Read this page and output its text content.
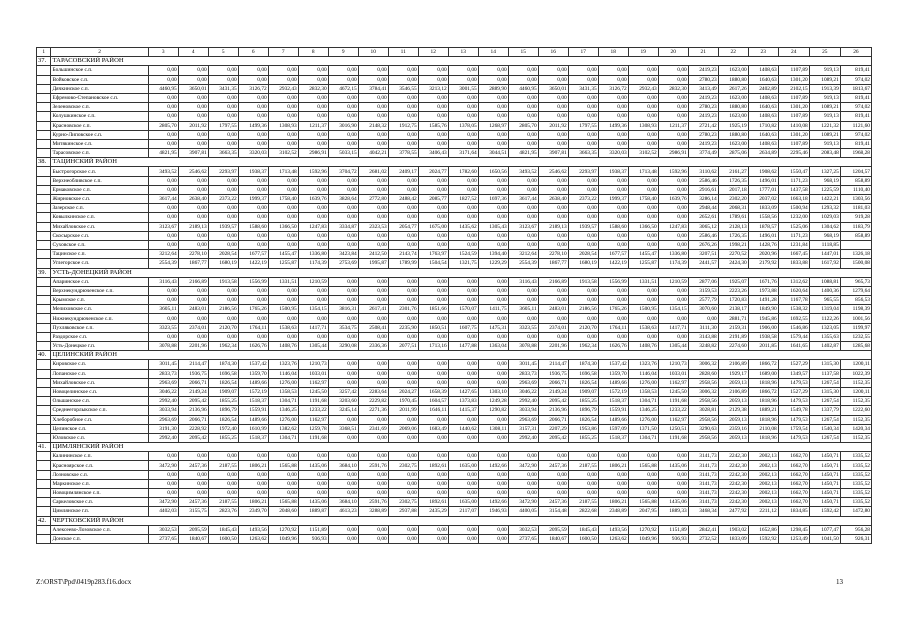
1	2	3	4	5	6	7	8	9	10	11	12	13	14	15	16	17	18	19	20	21	22	23	24	25	26
37.	ТАРАСОВСКИЙ РАЙОН																								
	Большинское с.п.	0,00	0,00	0,00	0,00	0,00	0,00	0,00	0,00	0,00	0,00	0,00	0,00	0,00	0,00	0,00	0,00	0,00	0,00	2419,23	1623,00	1408,63	1107,89	919,13	819,41
	Войковское с.п.	0,00	0,00	0,00	0,00	0,00	0,00	0,00	0,00	0,00	0,00	0,00	0,00	0,00	0,00	0,00	0,00	0,00	0,00	2780,23	1880,80	1640,63	1301,20	1089,21	974,02
	Дячкинское с.п.	4460,95	3650,01	3431,35	3126,72	2932,43	2832,30	4672,15	3784,41	3546,55	3213,12	3001,55	2889,90	4460,95	3650,01	3431,35	3126,72	2932,43	2832,30	3413,49	2617,26	2402,89	2102,15	1913,39	1813,67
	Ефремово-Степановское с.п.	0,00	0,00	0,00	0,00	0,00	0,00	0,00	0,00	0,00	0,00	0,00	0,00	0,00	0,00	0,00	0,00	0,00	0,00	2419,23	1623,00	1408,63	1107,89	919,13	819,41
	Зеленовское с.п.	0,00	0,00	0,00	0,00	0,00	0,00	0,00	0,00	0,00	0,00	0,00	0,00	0,00	0,00	0,00	0,00	0,00	0,00	2780,23	1880,80	1640,63	1301,20	1089,21	974,02
	Колушкинское с.п.	0,00	0,00	0,00	0,00	0,00	0,00	0,00	0,00	0,00	0,00	0,00	0,00	0,00	0,00	0,00	0,00	0,00	0,00	2419,23	1623,00	1408,63	1107,89	919,13	819,41
	Красновское с.п.	2805,70	2011,92	1797,55	1499,36	1308,93	1211,37	3016,90	2148,32	1912,75	1585,76	1378,05	1268,97	2805,70	2011,92	1797,55	1499,36	1308,93	1211,37	2721,42	1925,19	1710,82	1410,08	1221,32	1121,60
	Курно-Липовское с.п.	0,00	0,00	0,00	0,00	0,00	0,00	0,00	0,00	0,00	0,00	0,00	0,00	0,00	0,00	0,00	0,00	0,00	0,00	2780,23	1880,80	1640,63	1301,20	1089,21	974,02
	Митякинское с.п.	0,00	0,00	0,00	0,00	0,00	0,00	0,00	0,00	0,00	0,00	0,00	0,00	0,00	0,00	0,00	0,00	0,00	0,00	2419,23	1623,00	1408,63	1107,89	919,13	819,41
	Тарасовское с.п.	4821,95	3907,81	3663,35	3320,03	3102,52	2986,91	5033,15	4042,21	3778,55	3406,43	3171,64	3044,51	4821,95	3907,81	3663,35	3320,03	3102,52	2986,91	3774,49	2875,06	2634,89	2295,46	2083,48	1968,28
38.	ТАЦИНСКИЙ РАЙОН																								
	Быстрогорское с.п.	3493,52	2546,62	2293,97	1938,37	1713,48	1592,96	3704,72	2681,02	2409,17	2024,77	1782,60	1650,56	3493,52	2546,62	2293,97	1938,37	1713,48	1592,96	3110,62	2161,27	1908,62	1550,47	1327,25	1204,57
	Верхнеобливское с.п.	0,00	0,00	0,00	0,00	0,00	0,00	0,00	0,00	0,00	0,00	0,00	0,00	0,00	0,00	0,00	0,00	0,00	0,00	2586,46	1726,35	1496,01	1171,23	968,19	858,89
	Ермаковское с.п.	0,00	0,00	0,00	0,00	0,00	0,00	0,00	0,00	0,00	0,00	0,00	0,00	0,00	0,00	0,00	0,00	0,00	0,00	2916,61	2017,18	1777,01	1437,58	1225,59	1110,40
	Жирновское с.п.	3617,44	2638,40	2373,22	1999,37	1758,40	1639,76	3828,64	2772,80	2488,42	2085,77	1827,52	1697,36	3617,44	2638,40	2373,22	1999,37	1758,40	1639,76	3286,14	2302,20	2037,02	1663,18	1422,21	1303,56
	Зазерское с.п.	0,00	0,00	0,00	0,00	0,00	0,00	0,00	0,00	0,00	0,00	0,00	0,00	0,00	0,00	0,00	0,00	0,00	0,00	2948,44	2068,31	1833,09	1500,94	1293,32	1181,03
	Ковылкинское с.п.	0,00	0,00	0,00	0,00	0,00	0,00	0,00	0,00	0,00	0,00	0,00	0,00	0,00	0,00	0,00	0,00	0,00	0,00	2652,61	1789,61	1558,56	1232,00	1029,03	919,28
	Михайловское с.п.	3123,67	2189,13	1939,57	1588,60	1366,50	1247,83	3334,87	2323,53	2054,77	1675,00	1435,62	1305,43	3123,67	2189,13	1939,57	1588,60	1366,50	1247,83	3065,12	2128,13	1878,57	1525,06	1304,62	1183,79
	Скосырское с.п.	0,00	0,00	0,00	0,00	0,00	0,00	0,00	0,00	0,00	0,00	0,00	0,00	0,00	0,00	0,00	0,00	0,00	0,00	2586,46	1726,35	1496,01	1171,23	968,19	858,89
	Суховское с.п.	0,00	0,00	0,00	0,00	0,00	0,00	0,00	0,00	0,00	0,00	0,00	0,00	0,00	0,00	0,00	0,00	0,00	0,00	2676,26	1998,21	1428,76	1231,84	1118,85	
	Тацинское с.п.	3212,64	2278,10	2028,54	1677,57	1455,47	1336,80	3423,84	2412,50	2143,74	1763,97	1524,59	1394,40	3212,64	2278,10	2028,54	1677,57	1455,47	1336,80	3207,51	2270,52	2020,96	1667,45	1447,01	1326,18
	Углегорское с.п.	2554,39	1867,77	1680,19	1422,19	1255,87	1174,39	2753,69	1995,87	1789,99	1504,54	1321,75	1229,29	2554,39	1867,77	1680,19	1422,19	1255,87	1174,39	2441,57	2424,30	2179,92	1833,88	1617,92	1500,08
39.	УСТЬ-ДОНЕЦКИЙ РАЙОН																								
	Апаринское с.п.	3116,43	2166,89	1913,58	1556,99	1331,51	1210,59	0,00	0,00	0,00	0,00	0,00	0,00	3116,43	2166,89	1913,58	1556,99	1331,51	1210,59	2877,06	1925,07	1671,76	1312,62	1088,81	965,73
	Верхнекундрюченское с.п.	0,00	0,00	0,00	0,00	0,00	0,00	0,00	0,00	0,00	0,00	0,00	0,00	0,00	0,00	0,00	0,00	0,00	0,00	3159,53	2223,26	1973,88	1620,64	1400,36	1279,64
	Крымское с.п.	0,00	0,00	0,00	0,00	0,00	0,00	0,00	0,00	0,00	0,00	0,00	0,00	0,00	0,00	0,00	0,00	0,00	0,00	2577,79	1720,83	1491,28	1167,78	965,55	856,53
	Мелиховское с.п.	3605,11	2483,01	2186,56	1765,26	1500,95	1354,15	3816,31	2617,41	2301,76	1851,66	1570,07	1411,75	3605,11	2483,01	2186,56	1765,26	1500,95	1354,15	3070,60	2138,17	1849,90	1538,32	1319,04	1198,39
	Нижнекундрюченское с.п.	0,00	0,00	0,00	0,00	0,00	0,00	0,00	0,00	0,00	0,00	0,00	0,00	0,00	0,00	0,00	0,00	0,00	0,00	0,00	2881,71	1945,86	1692,55	1122,26	1001,56
	Пухляковское с.п.	3323,55	2374,01	2120,70	1764,11	1538,63	1417,71	3534,75	2508,41	2235,90	1850,51	1607,75	1475,31	3323,55	2374,01	2120,70	1764,11	1538,63	1417,71	3111,30	2159,31	1906,00	1546,86	1323,05	1199,97
	Раздорское с.п.	0,00	0,00	0,00	0,00	0,00	0,00	0,00	0,00	0,00	0,00	0,00	0,00	0,00	0,00	0,00	0,00	0,00	0,00	3143,88	2191,89	1938,58	1579,44	1355,63	1232,55
	Усть-Донецкое г.п.	3078,88	2201,96	1962,34	1626,76	1408,76	1305,44	3290,08	2336,36	2077,51	1713,16	1477,88	1363,04	3078,88	2201,96	1962,34	1626,76	1408,76	1305,44	3248,82	2274,60	2011,85	1641,65	1402,87	1285,68
40.	ЦЕЛИНСКИЙ РАЙОН																								
	Кировское с.п.	3011,45	2114,47	1874,30	1537,42	1323,76	1210,73	0,00	0,00	0,00	0,00	0,00	0,00	3011,45	2114,47	1874,30	1537,42	1323,76	1210,73	3006,32	2106,89	1866,72	1527,29	1315,30	1200,11
	Лопанское с.п.	2833,73	1936,75	1696,58	1359,70	1146,04	1033,01	0,00	0,00	0,00	0,00	0,00	0,00	2833,73	1936,75	1696,58	1359,70	1146,04	1033,01	2828,60	1929,17	1689,00	1349,57	1137,58	1022,39
	Михайловское с.п.	2963,69	2066,71	1826,54	1489,66	1276,00	1162,97	0,00	0,00	0,00	0,00	0,00	0,00	2963,69	2066,71	1826,54	1489,66	1276,00	1162,97	2958,56	2059,13	1818,96	1479,53	1267,54	1152,35
	Новоцелинское с.п.	3046,22	2149,24	1909,07	1572,19	1358,53	1245,50	3257,42	2283,64	2024,27	1658,39	1427,65	1303,10	3046,22	2149,24	1909,07	1572,19	1358,53	1245,50	3006,32	2106,89	1866,72	1527,29	1315,30	1200,11
	Ольшанское с.п.	2992,40	2095,42	1855,25	1518,37	1304,71	1191,68	3203,60	2229,82	1970,45	1604,57	1373,83	1249,28	2992,40	2095,42	1855,25	1518,37	1304,71	1191,68	2958,56	2059,13	1818,96	1479,53	1267,54	1152,35
	Среднеегорлыкское с.п.	3033,94	2136,96	1896,79	1559,91	1346,25	1233,22	3245,14	2271,36	2011,99	1646,11	1415,37	1290,82	3033,94	2136,96	1896,79	1559,91	1346,25	1233,22	3028,81	2129,38	1889,21	1549,78	1337,79	1222,60
	Хлеборобное с.п.	2963,69	2066,71	1826,54	1489,66	1276,00	1162,97	0,00	0,00	0,00	0,00	0,00	0,00	2963,69	2066,71	1826,54	1489,66	1276,00	1162,97	2958,56	2059,13	1818,96	1479,53	1267,54	1152,35
	Целинское с.п.	3191,30	2228,92	1972,40	1610,99	1382,62	1259,78	3368,51	2341,69	2069,06	1683,49	1440,62	1308,11	3157,31	2207,29	1953,86	1597,09	1371,50	1250,51	3290,63	2359,16	2110,08	1759,54	1540,34	1420,34
	Юловское с.п.	2992,40	2095,42	1855,25	1518,37	1304,71	1191,68	0,00	0,00	0,00	0,00	0,00	0,00	2992,40	2095,42	1855,25	1518,37	1304,71	1191,68	2958,56	2059,13	1818,96	1479,53	1267,54	1152,35
41.	ЦИМЛЯНСКИЙ РАЙОН																								
	Калининское с.п.	0,00	0,00	0,00	0,00	0,00	0,00	0,00	0,00	0,00	0,00	0,00	0,00	0,00	0,00	0,00	0,00	0,00	0,00	3141,73	2242,30	2002,13	1662,70	1450,71	1335,52
	Красноярское с.п.	3472,90	2457,36	2187,55	1806,21	1565,88	1435,06	3684,10	2591,76	2302,75	1892,61	1635,00	1492,66	3472,90	2457,36	2187,55	1806,21	1565,88	1435,06	3141,73	2242,30	2002,13	1662,70	1450,71	1335,52
	Лозновское с.п.	0,00	0,00	0,00	0,00	0,00	0,00	0,00	0,00	0,00	0,00	0,00	0,00	0,00	0,00	0,00	0,00	0,00	0,00	3141,73	2242,30	2002,13	1662,70	1450,71	1335,52
	Маркинское с.п.	0,00	0,00	0,00	0,00	0,00	0,00	0,00	0,00	0,00	0,00	0,00	0,00	0,00	0,00	0,00	0,00	0,00	0,00	3141,73	2242,30	2002,13	1662,70	1450,71	1335,52
	Новоцимлянское с.п.	0,00	0,00	0,00	0,00	0,00	0,00	0,00	0,00	0,00	0,00	0,00	0,00	0,00	0,00	0,00	0,00	0,00	0,00	3141,73	2242,30	2002,13	1662,70	1450,71	1335,52
	Саркеловское с.п.	3472,90	2457,36	2187,55	1806,21	1565,88	1435,06	3684,10	2591,76	2302,75	1892,61	1635,00	1492,66	3472,90	2457,36	2187,55	1806,21	1565,88	1435,06	3141,73	2242,30	2002,13	1662,70	1450,71	1335,52
	Цимлянское г.п.	4402,03	3155,75	2823,76	2349,70	2048,60	1889,87	4613,23	3288,89	2937,88	2435,29	2117,07	1946,93	4400,05	3154,48	2822,68	2348,89	2047,95	1889,33	3468,34	2477,92	2211,12	1834,85	1592,42	1472,80
42.	ЧЕРТКОВСКИЙ РАЙОН																								
	Алексеево-Лозовское с.п.	3032,53	2095,59	1845,43	1493,56	1270,92	1151,89	0,00	0,00	0,00	0,00	0,00	0,00	3032,53	2095,59	1845,43	1493,56	1270,92	1151,89	2842,41	1903,02	1652,86	1298,45	1077,47	956,28
	Донское с.п.	2737,65	1840,67	1600,50	1263,62	1049,96	936,93	0,00	0,00	0,00	0,00	0,00	0,00	2737,65	1840,67	1600,50	1263,62	1049,96	936,93	2732,52	1833,09	1592,92	1253,49	1041,50	926,31
Z:\ORST\Ppd\0419p283.f16.docx	13
